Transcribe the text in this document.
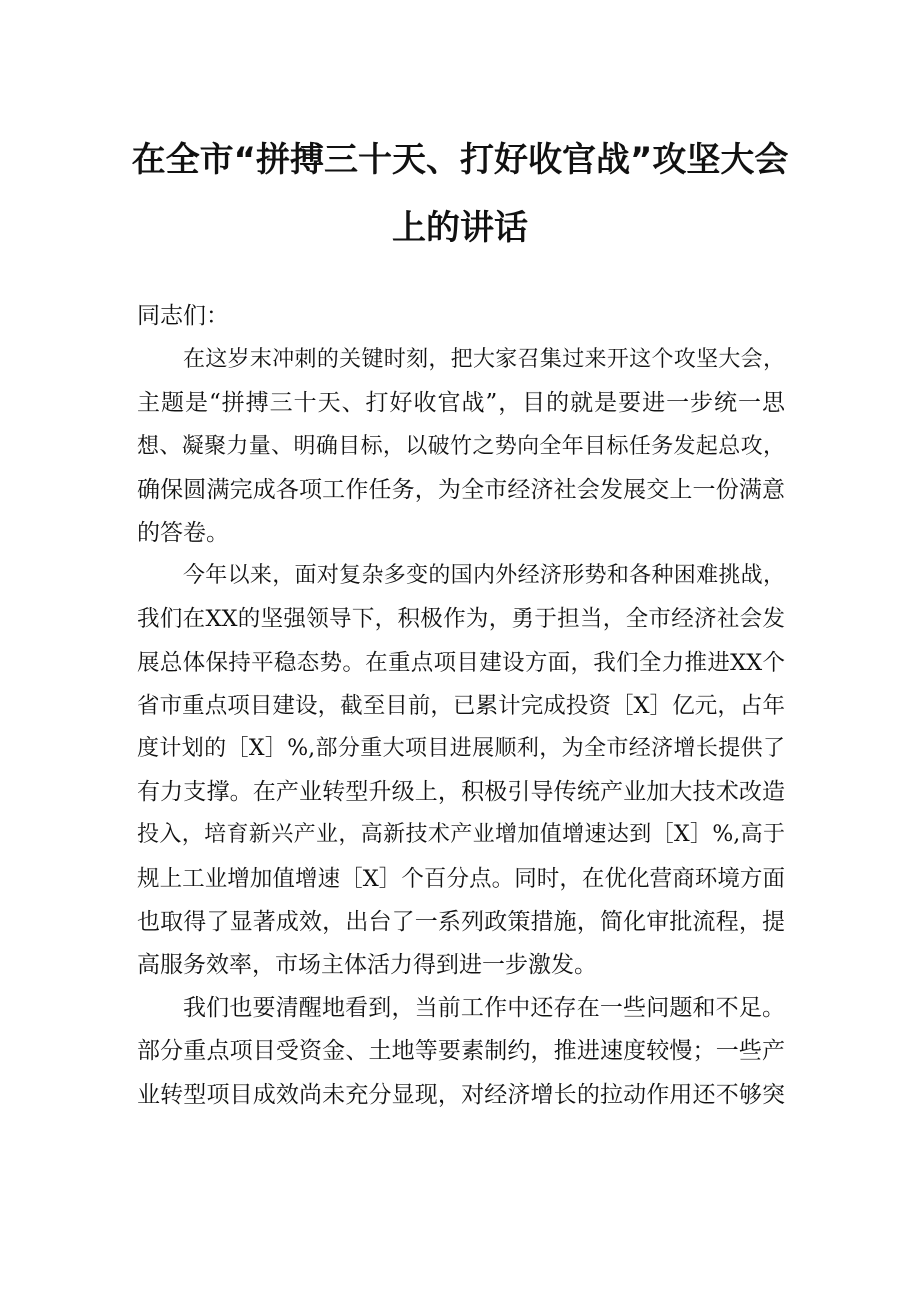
在全市“拼搏三十天、打好收官战”攻坚大会
上的讲话
同志们：
在这岁末冲刺的关键时刻，把大家召集过来开这个攻坚大会，
主题是“拼搏三十天、打好收官战”，目的就是要进一步统一思
想、凝聚力量、明确目标，以破竹之势向全年目标任务发起总攻，
确保圆满完成各项工作任务，为全市经济社会发展交上一份满意
的答卷。
今年以来，面对复杂多变的国内外经济形势和各种困难挑战，
我们在XX的坚强领导下，积极作为，勇于担当，全市经济社会发
展总体保持平稳态势。在重点项目建设方面，我们全力推进XX个
省市重点项目建设，截至目前，已累计完成投资［X］亿元，占年
度计划的［X］%,部分重大项目进展顺利，为全市经济增长提供了
有力支撑。在产业转型升级上，积极引导传统产业加大技术改造
投入，培育新兴产业，高新技术产业增加值增速达到［X］%,高于
规上工业增加值增速［X］个百分点。同时，在优化营商环境方面
也取得了显著成效，出台了一系列政策措施，简化审批流程，提
高服务效率，市场主体活力得到进一步激发。
我们也要清醒地看到，当前工作中还存在一些问题和不足。
部分重点项目受资金、土地等要素制约，推进速度较慢；一些产
业转型项目成效尚未充分显现，对经济增长的拉动作用还不够突
